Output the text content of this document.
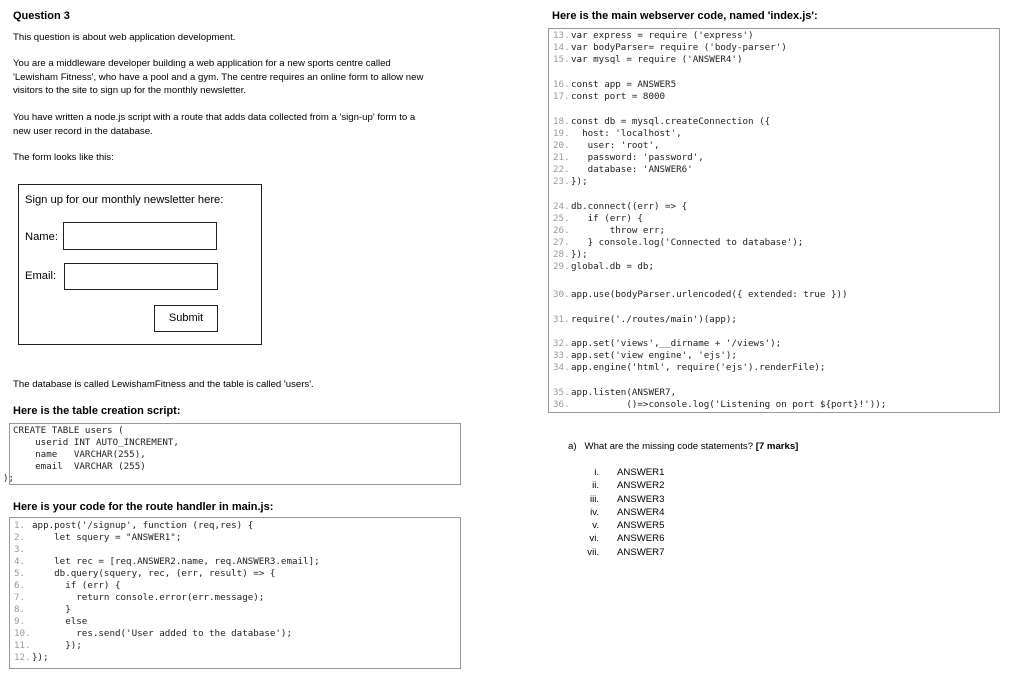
Question 3
This question is about web application development.
You are a middleware developer building a web application for a new sports centre called
'Lewisham Fitness', who have a pool and a gym. The centre requires an online form to allow new
visitors to the site to sign up for the monthly newsletter.
You have written a node.js script with a route that adds data collected from a 'sign-up' form to a
new user record in the database.
The form looks like this:
Sign up for our monthly newsletter here:
Name:
Email:
Submit
The database is called LewishamFitness and the table is called 'users'.
Here is the table creation script:

CREATE TABLE users (

userid INT AUTO_INCREMENT,

name   VARCHAR(255),

email  VARCHAR (255)

);

Here is your code for the route handler in main.js:

1. app.post('/signup', function (req,res) {

2.    let squery = "ANSWER1";

3.

4.    let rec = [req.ANSWER2.name, req.ANSWER3.email];

5.    db.query(squery, rec, (err, result) => {

6.      if (err) {

7.        return console.error(err.message);

8.      }

9.      else

10.        res.send('User added to the database');

11.      });

12.});

Here is the main webserver code, named 'index.js':

13.var express = require ('express')

14.var bodyParser= require ('body-parser')

15.var mysql = require ('ANSWER4')

16.const app = ANSWER5

17.const port = 8000

18.const db = mysql.createConnection ({

19.  host: 'localhost',

20.   user: 'root',

21.   password: 'password',

22.   database: 'ANSWER6'

23.});

24.db.connect((err) => {

25.   if (err) {

26.       throw err;

27.   } console.log('Connected to database');

28.});

29.global.db = db;

30.app.use(bodyParser.urlencoded({ extended: true }))

31.require('./routes/main')(app);

32.app.set('views',__dirname + '/views');

33.app.set('view engine', 'ejs');

34.app.engine('html', require('ejs').renderFile);

35.app.listen(ANSWER7,

36.          ()=>console.log('Listening on port ${port}!'));

a) What are the missing code statements? [7 marks]
i. ANSWER1
ii. ANSWER2
iii. ANSWER3
iv. ANSWER4
v. ANSWER5
vi. ANSWER6
vii. ANSWER7
